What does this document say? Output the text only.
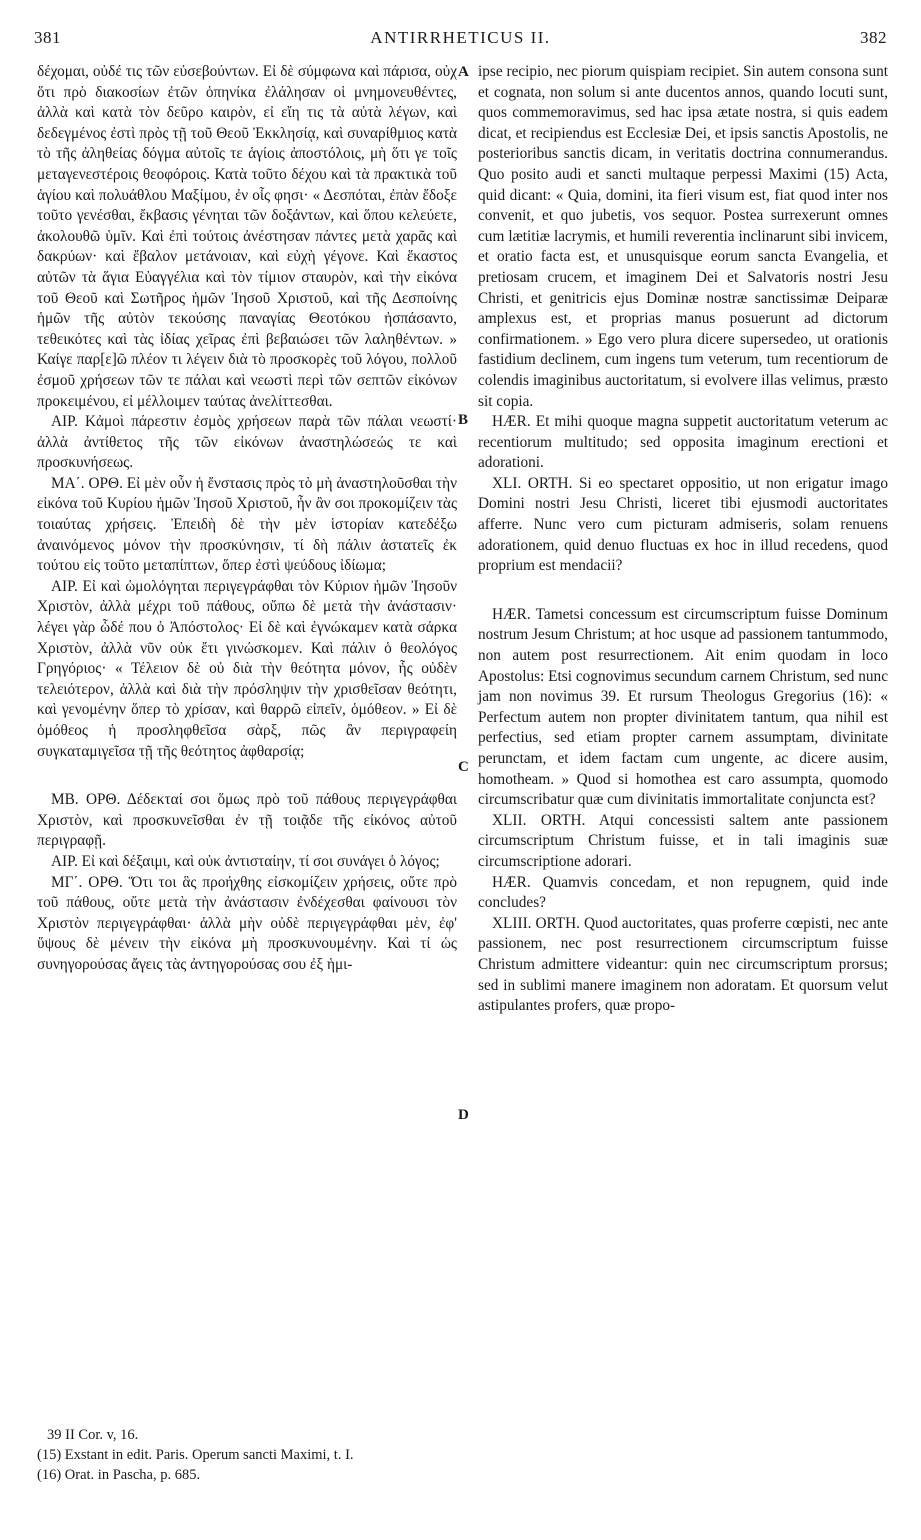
ANTIRRHETICUS II.
381	382

δέχομαι, οὐδέ τις τῶν εὐσεβούντων. Εἰ δὲ σύμφωνα καὶ πάρισα, οὐχ ὅτι πρὸ διακοσίων ἐτῶν ὁπηνίκα ἐλάλησαν οἱ μνημονευθέντες, ἀλλὰ καὶ κατὰ τὸν δεῦρο καιρὸν, εἰ εἴη τις τὰ αὐτὰ λέγων, καὶ δεδεγμένος ἐστὶ πρὸς τῇ τοῦ Θεοῦ Ἐκκλησίᾳ, καὶ συναρίθμιος κατὰ τὸ τῆς ἀληθείας δόγμα αὐτοῖς τε ἁγίοις ἀποστόλοις, μὴ ὅτι γε τοῖς μεταγενεστέροις θεοφόροις. Κατὰ τοῦτο δέχου καὶ τὰ πρακτικὰ τοῦ ἁγίου καὶ πολυάθλου Μαξίμου, ἐν οἷς φησι· « Δεσπόται, ἐπὰν ἔδοξε τοῦτο γενέσθαι, ἔκβασις γένηται τῶν δοξάντων, καὶ ὅπου κελεύετε, ἀκολουθῶ ὑμῖν. Καὶ ἐπὶ τούτοις ἀνέστησαν πάντες μετὰ χαρᾶς καὶ δακρύων· καὶ ἔβαλον μετάνοιαν, καὶ εὐχὴ γέγονε. Καὶ ἕκαστος αὐτῶν τὰ ἅγια Εὐαγγέλια καὶ τὸν τίμιον σταυρὸν, καὶ τὴν εἰκόνα τοῦ Θεοῦ καὶ Σωτῆρος ἡμῶν Ἰησοῦ Χριστοῦ, καὶ τῆς Δεσποίνης ἡμῶν τῆς αὐτὸν τεκούσης παναγίας Θεοτόκου ἠσπάσαντο, τεθεικότες καὶ τὰς ἰδίας χεῖρας ἐπὶ βεβαιώσει τῶν λαληθέντων. » Καίγε παρ[ε]ῶ πλέον τι λέγειν διὰ τὸ προσκορὲς τοῦ λόγου, πολλοῦ ἐσμοῦ χρήσεων τῶν τε πάλαι καὶ νεωστὶ περὶ τῶν σεπτῶν εἰκόνων προκειμένου, εἰ μέλλοιμεν ταύτας ἀνελίττεσθαι.

ΑΙΡ. Κἀμοὶ πάρεστιν ἐσμὸς χρήσεων παρὰ τῶν πάλαι νεωστί· ἀλλὰ ἀντίθετος τῆς τῶν εἰκόνων ἀναστηλώσεώς τε καὶ προσκυνήσεως.

ΜΑ΄. ΟΡΘ. Εἰ μὲν οὖν ἡ ἔνστασις πρὸς τὸ μὴ ἀναστηλοῦσθαι τὴν εἰκόνα τοῦ Κυρίου ἡμῶν Ἰησοῦ Χριστοῦ, ἦν ἂν σοι προκομίζειν τὰς τοιαύτας χρήσεις. Ἐπειδὴ δὲ τὴν μὲν ἱστορίαν κατεδέξω ἀναινόμενος μόνον τὴν προσκύνησιν, τί δὴ πάλιν ἀστατεῖς ἐκ τούτου εἰς τοῦτο μεταπίπτων, ὅπερ ἐστὶ ψεύδους ἰδίωμα;

ΑΙΡ. Εἰ καὶ ὡμολόγηται περιγεγράφθαι τὸν Κύριον ἡμῶν Ἰησοῦν Χριστὸν, ἀλλὰ μέχρι τοῦ πάθους, οὔπω δὲ μετὰ τὴν ἀνάστασιν· λέγει γὰρ ὧδέ που ὁ Ἀπόστολος· Εἰ δὲ καὶ ἐγνώκαμεν κατὰ σάρκα Χριστὸν, ἀλλὰ νῦν οὐκ ἔτι γινώσκομεν. Καὶ πάλιν ὁ θεολόγος Γρηγόριος· « Τέλειον δὲ οὐ διὰ τὴν θεότητα μόνον, ἧς οὐδὲν τελειότερον, ἀλλὰ καὶ διὰ τὴν πρόσληψιν τὴν χρισθεῖσαν θεότητι, καὶ γενομένην ὅπερ τὸ χρίσαν, καὶ θαρρῶ εἰπεῖν, ὁμόθεον. » Εἰ δὲ ὁμόθεος ἡ προσληφθεῖσα σὰρξ, πῶς ἂν περιγραφείη συγκαταμιγεῖσα τῇ τῆς θεότητος ἀφθαρσίᾳ;

ΜΒ. ΟΡΘ. Δέδεκταί σοι ὅμως πρὸ τοῦ πάθους περιγεγράφθαι Χριστὸν, καὶ προσκυνεῖσθαι ἐν τῇ τοιᾷδε τῆς εἰκόνος αὐτοῦ περιγραφῇ.

ΑΙΡ. Εἰ καὶ δέξαιμι, καὶ οὐκ ἀντισταίην, τί σοι συνάγει ὁ λόγος;

ΜΓ΄. ΟΡΘ. Ὅτι τοι ἃς προήχθης εἰσκομίζειν χρήσεις, οὔτε πρὸ τοῦ πάθους, οὔτε μετὰ τὴν ἀνάστασιν ἐνδέχεσθαι φαίνουσι τὸν Χριστὸν περιγεγράφθαι· ἀλλὰ μὴν οὐδὲ περιγεγράφθαι μὲν, ἐφ' ὕψους δὲ μένειν τὴν εἰκόνα μὴ προσκυνουμένην. Καὶ τί ὡς συνηγορούσας ἄγεις τὰς ἀντηγορούσας σου ἐξ ἡμι-

A
B
C
D

ipse recipio, nec piorum quispiam recipiet. Sin autem consona sunt et cognata, non solum si ante ducentos annos, quando locuti sunt, quos commemoravimus, sed hac ipsa ætate nostra, si quis eadem dicat, et recipiendus est Ecclesiæ Dei, et ipsis sanctis Apostolis, ne posterioribus sanctis dicam, in veritatis doctrina connumerandus. Quo posito audi et sancti multaque perpessi Maximi (15) Acta, quid dicant: « Quia, domini, ita fieri visum est, fiat quod inter nos convenit, et quo jubetis, vos sequor. Postea surrexerunt omnes cum lætitiæ lacrymis, et humili reverentia inclinarunt sibi invicem, et oratio facta est, et unusquisque eorum sancta Evangelia, et pretiosam crucem, et imaginem Dei et Salvatoris nostri Jesu Christi, et genitricis ejus Dominæ nostræ sanctissimæ Deiparæ amplexus est, et proprias manus posuerunt ad dictorum confirmationem. » Ego vero plura dicere supersedeo, ut orationis fastidium declinem, cum ingens tum veterum, tum recentiorum de colendis imaginibus auctoritatum, si evolvere illas velimus, præsto sit copia.

HÆR. Et mihi quoque magna suppetit auctoritatum veterum ac recentiorum multitudo; sed opposita imaginum erectioni et adorationi.

XLI. ORTH. Si eo spectaret oppositio, ut non erigatur imago Domini nostri Jesu Christi, liceret tibi ejusmodi auctoritates afferre. Nunc vero cum picturam admiseris, solam renuens adorationem, quid denuo fluctuas ex hoc in illud recedens, quod proprium est mendacii?

HÆR. Tametsi concessum est circumscriptum fuisse Dominum nostrum Jesum Christum; at hoc usque ad passionem tantummodo, non autem post resurrectionem. Ait enim quodam in loco Apostolus: Etsi cognovimus secundum carnem Christum, sed nunc jam non novimus 39. Et rursum Theologus Gregorius (16): « Perfectum autem non propter divinitatem tantum, qua nihil est perfectius, sed etiam propter carnem assumptam, divinitate perunctam, et idem factam cum ungente, ac dicere ausim, homotheam. » Quod si homothea est caro assumpta, quomodo circumscribatur quæ cum divinitatis immortalitate conjuncta est?

XLII. ORTH. Atqui concessisti saltem ante passionem circumscriptum Christum fuisse, et in tali imaginis suæ circumscriptione adorari.

HÆR. Quamvis concedam, et non repugnem, quid inde concludes?

XLIII. ORTH. Quod auctoritates, quas proferre cœpisti, nec ante passionem, nec post resurrectionem circumscriptum fuisse Christum admittere videantur: quin nec circumscriptum prorsus; sed in sublimi manere imaginem non adoratam. Et quorsum velut astipulantes profers, quæ propo-

39 II Cor. v, 16.
(15) Exstant in edit. Paris. Operum sancti Maximi, t. I.
(16) Orat. in Pascha, p. 685.
